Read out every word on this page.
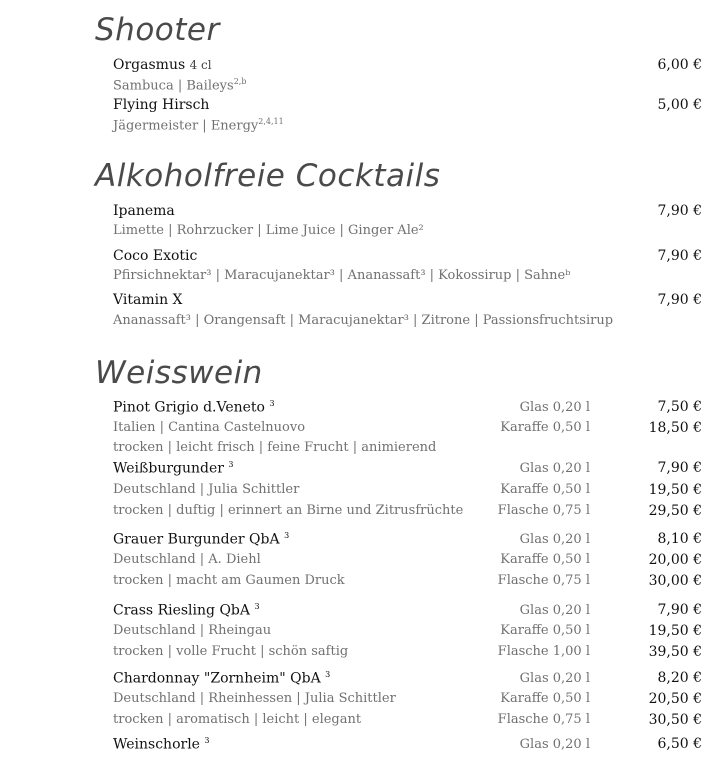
Shooter
Orgasmus 4 cl	6,00 €
Sambuca | Baileys$^{2,b}$
Flying Hirsch	5,00 €
Jägermeister | Energy$^{2,4,11}$
Alkoholfreie Cocktails
Ipanema	7,90 €
Limette | Rohrzucker | Lime Juice | Ginger Ale²
Coco Exotic	7,90 €
Pfirsichnektar³ | Maracujanektar³ | Ananassaft³ | Kokossirup | Sahneᵇ
Vitamin X	7,90 €
Ananassaft³ | Orangensaft | Maracujanektar³ | Zitrone | Passionsfruchtsirup
Weisswein
Pinot Grigio d.Veneto $^3$	Glas 0,20 l	7,50 €
Italien | Cantina Castelnuovo	Karaffe 0,50 l	18,50 €
trocken | leicht frisch | feine Frucht | animierend
Weißburgunder $^3$	Glas 0,20 l	7,90 €
Deutschland | Julia Schittler	Karaffe 0,50 l	19,50 €
trocken | duftig | erinnert an Birne und Zitrusfrüchte	Flasche 0,75 l	29,50 €
Grauer Burgunder QbA $^3$	Glas 0,20 l	8,10 €
Deutschland | A. Diehl	Karaffe 0,50 l	20,00 €
trocken | macht am Gaumen Druck	Flasche 0,75 l	30,00 €
Crass Riesling QbA $^3$	Glas 0,20 l	7,90 €
Deutschland | Rheingau	Karaffe 0,50 l	19,50 €
trocken | volle Frucht | schön saftig	Flasche 1,00 l	39,50 €
Chardonnay "Zornheim" QbA $^3$	Glas 0,20 l	8,20 €
Deutschland | Rheinhessen | Julia Schittler	Karaffe 0,50 l	20,50 €
trocken | aromatisch | leicht | elegant	Flasche 0,75 l	30,50 €
Weinschorle $^3$	Glas 0,20 l	6,50 €
